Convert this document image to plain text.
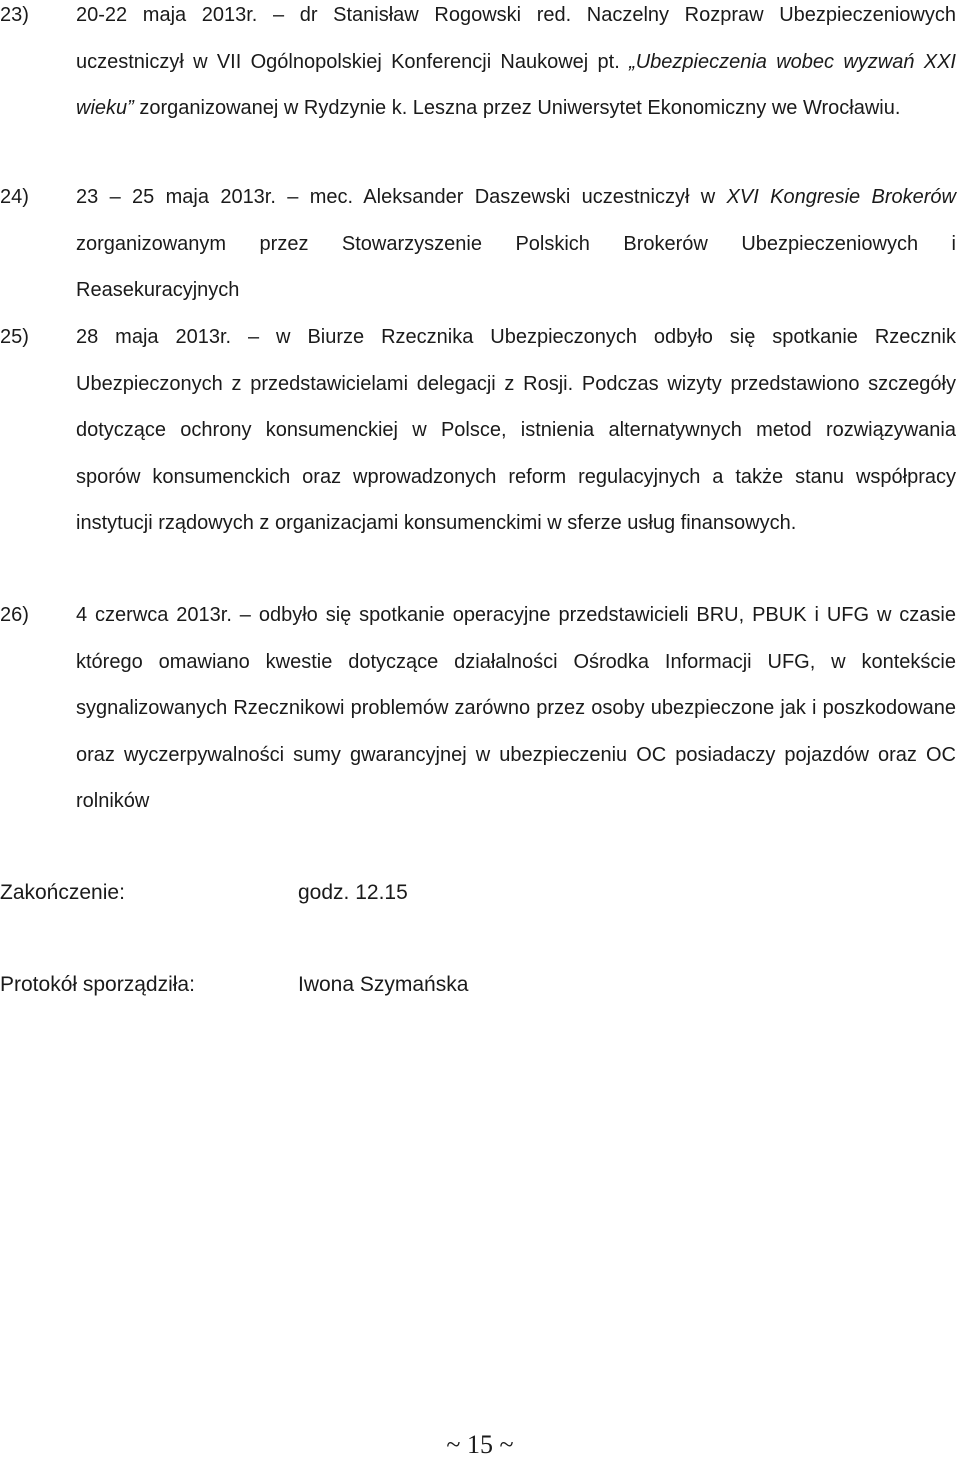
23) 20-22 maja 2013r. – dr Stanisław Rogowski red. Naczelny Rozpraw Ubezpieczeniowych uczestniczył w VII Ogólnopolskiej Konferencji Naukowej pt. „Ubezpieczenia wobec wyzwań XXI wieku” zorganizowanej w Rydzynie k. Leszna przez Uniwersytet Ekonomiczny we Wrocławiu.
24) 23 – 25 maja 2013r. – mec. Aleksander Daszewski uczestniczył w XVI Kongresie Brokerów zorganizowanym przez Stowarzyszenie Polskich Brokerów Ubezpieczeniowych i Reasekuracyjnych
25) 28 maja 2013r. – w Biurze Rzecznika Ubezpieczonych odbyło się spotkanie Rzecznik Ubezpieczonych z przedstawicielami delegacji z Rosji. Podczas wizyty przedstawiono szczegóły dotyczące ochrony konsumenckiej w Polsce, istnienia alternatywnych metod rozwiązywania sporów konsumenckich oraz wprowadzonych reform regulacyjnych a także stanu współpracy instytucji rządowych z organizacjami konsumenckimi w sferze usług finansowych.
26) 4 czerwca 2013r. – odbyło się spotkanie operacyjne przedstawicieli BRU, PBUK i UFG w czasie którego omawiano kwestie dotyczące działalności Ośrodka Informacji UFG, w kontekście sygnalizowanych Rzecznikowi problemów zarówno przez osoby ubezpieczone jak i poszkodowane oraz wyczerpywalności sumy gwarancyjnej w ubezpieczeniu OC posiadaczy pojazdów oraz OC rolników
Zakończenie:	godz. 12.15
Protokół sporządziła:	Iwona Szymańska
~ 15 ~
